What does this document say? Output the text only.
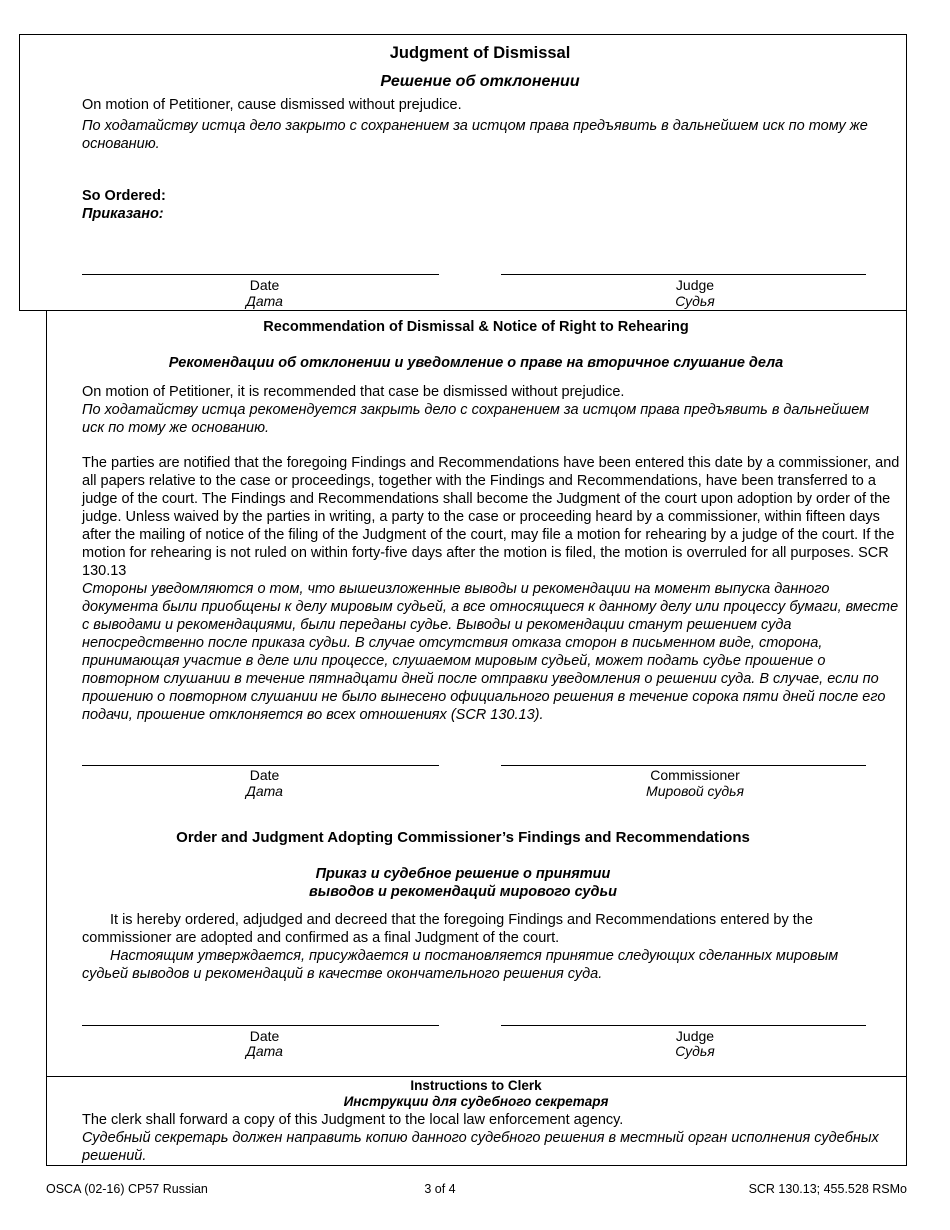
Judgment of Dismissal
Решение об отклонении
On motion of Petitioner, cause dismissed without prejudice.
По ходатайству истца дело закрыто с сохранением за истцом права предъявить в дальнейшем иск по тому же основанию.
So Ordered:
Приказано:
Date
Дата
Judge
Судья
Recommendation of Dismissal & Notice of Right to Rehearing
Рекомендации об отклонении и уведомление о праве на вторичное слушание дела
On motion of Petitioner, it is recommended that case be dismissed without prejudice.
По ходатайству истца рекомендуется закрыть дело с сохранением за истцом права предъявить в дальнейшем иск по тому же основанию.
The parties are notified that the foregoing Findings and Recommendations have been entered this date by a commissioner, and all papers relative to the case or proceedings, together with the Findings and Recommendations, have been transferred to a judge of the court. The Findings and Recommendations shall become the Judgment of the court upon adoption by order of the judge. Unless waived by the parties in writing, a party to the case or proceeding heard by a commissioner, within fifteen days after the mailing of notice of the filing of the Judgment of the court, may file a motion for rehearing by a judge of the court. If the motion for rehearing is not ruled on within forty-five days after the motion is filed, the motion is overruled for all purposes. SCR 130.13
Стороны уведомляются о том, что вышеизложенные выводы и рекомендации на момент выпуска данного документа были приобщены к делу мировым судьей, а все относящиеся к данному делу или процессу бумаги, вместе с выводами и рекомендациями, были переданы судье. Выводы и рекомендации станут решением суда непосредственно после приказа судьи. В случае отсутствия отказа сторон в письменном виде, сторона, принимающая участие в деле или процессе, слушаемом мировым судьей, может подать судье прошение о повторном слушании в течение пятнадцати дней после отправки уведомления о решении суда. В случае, если по прошению о повторном слушании не было вынесено официального решения в течение сорока пяти дней после его подачи, прошение отклоняется во всех отношениях (SCR 130.13).
Date
Дата
Commissioner
Мировой судья
Order and Judgment Adopting Commissioner’s Findings and Recommendations
Приказ и судебное решение о принятии
выводов и рекомендаций мирового судьи
It is hereby ordered, adjudged and decreed that the foregoing Findings and Recommendations entered by the commissioner are adopted and confirmed as a final Judgment of the court.
Настоящим утверждается, присуждается и постановляется принятие следующих сделанных мировым судьей выводов и рекомендаций в качестве окончательного решения суда.
Date
Дата
Judge
Судья
Instructions to Clerk
Инструкции для судебного секретаря
The clerk shall forward a copy of this Judgment to the local law enforcement agency.
Судебный секретарь должен направить копию данного судебного решения в местный орган исполнения судебных решений.
OSCA (02-16) CP57 Russian	3 of 4	SCR 130.13; 455.528 RSMo
